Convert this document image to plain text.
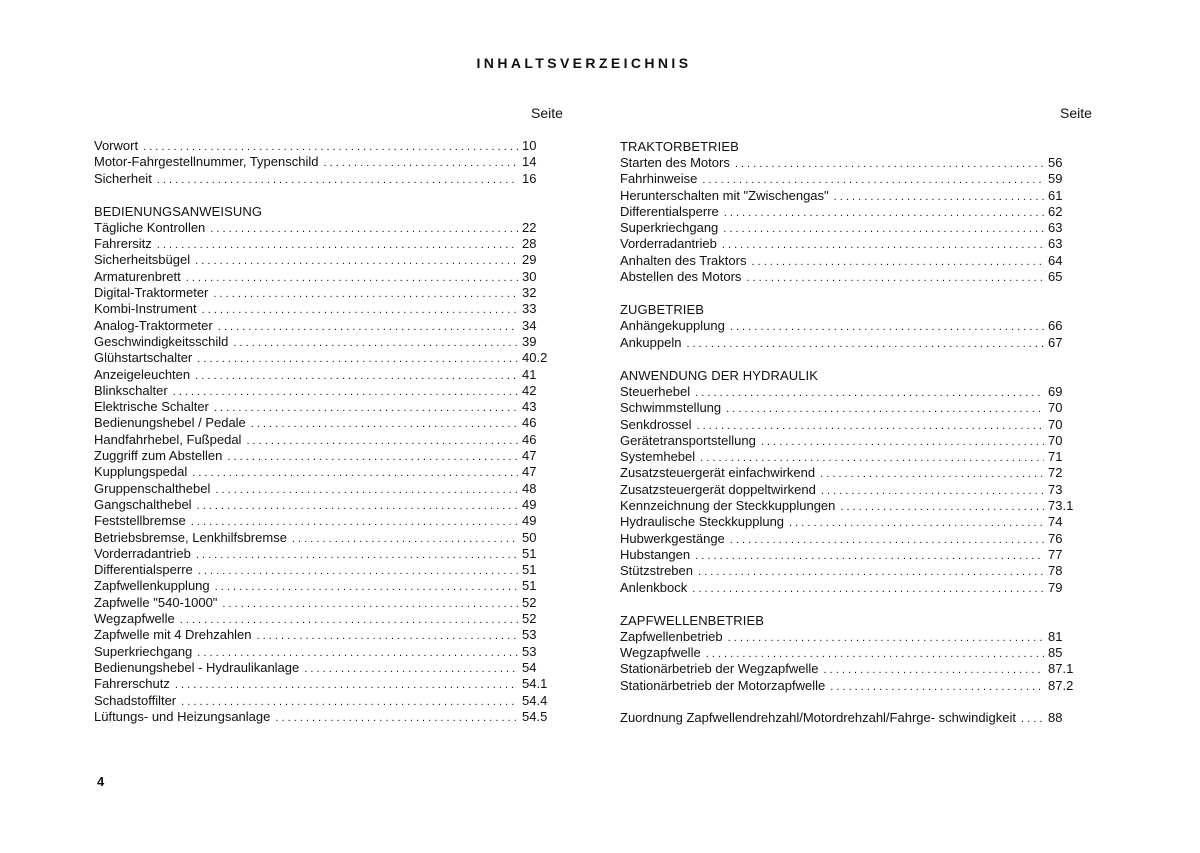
INHALTSVERZEICHNIS
Seite	Seite
Vorwort . . .	10
Motor-Fahrgestellnummer, Typenschild . . .	14
Sicherheit . . .	16
BEDIENUNGSANWEISUNG
Tägliche Kontrollen . . .	22
Fahrersitz . . .	28
Sicherheitsbügel . . .	29
Armaturenbrett . . .	30
Digital-Traktormeter . . .	32
Kombi-Instrument . . .	33
Analog-Traktormeter . . .	34
Geschwindigkeitsschild . . .	39
Glühstartschalter . . .	40.2
Anzeigeleuchten . . .	41
Blinkschalter . . .	42
Elektrische Schalter . . .	43
Bedienungshebel / Pedale . . .	46
Handfahrhebel, Fußpedal . . .	46
Zuggriff zum Abstellen . . .	47
Kupplungspedal . . .	47
Gruppenschalthebel . . .	48
Gangschalthebel . . .	49
Feststellbremse . . .	49
Betriebsbremse, Lenkhilfsbremse . . .	50
Vorderradantrieb . . .	51
Differentialsperre . . .	51
Zapfwellenkupplung . . .	51
Zapfwelle "540-1000" . . .	52
Wegzapfwelle . . .	52
Zapfwelle mit 4 Drehzahlen . . .	53
Superkriechgang . . .	53
Bedienungshebel - Hydraulikanlage . . .	54
Fahrerschutz . . .	54.1
Schadstoffilter . . .	54.4
Lüftungs- und Heizungsanlage . . .	54.5
TRAKTORBETRIEB
Starten des Motors . . .	56
Fahrhinweise . . .	59
Herunterschalten mit "Zwischengas" . . .	61
Differentialsperre . . .	62
Superkriechgang . . .	63
Vorderradantrieb . . .	63
Anhalten des Traktors . . .	64
Abstellen des Motors . . .	65
ZUGBETRIEB
Anhängekupplung . . .	66
Ankuppeln . . .	67
ANWENDUNG DER HYDRAULIK
Steuerhebel . . .	69
Schwimmstellung . . .	70
Senkdrossel . . .	70
Gerätetransportstellung . . .	70
Systemhebel . . .	71
Zusatzsteuergerät einfachwirkend . . .	72
Zusatzsteuergerät doppeltwirkend . . .	73
Kennzeichnung der Steckkupplungen . . .	73.1
Hydraulische Steckkupplung . . .	74
Hubwerkgestänge . . .	76
Hubstangen . . .	77
Stützstreben . . .	78
Anlenkbock . . .	79
ZAPFWELLENBETRIEB
Zapfwellenbetrieb . . .	81
Wegzapfwelle . . .	85
Stationärbetrieb der Wegzapfwelle . . .	87.1
Stationärbetrieb der Motorzapfwelle . . .	87.2
Zuordnung Zapfwellendrehzahl/Motordrehzahl/Fahrge- schwindigkeit . . . 88
4
